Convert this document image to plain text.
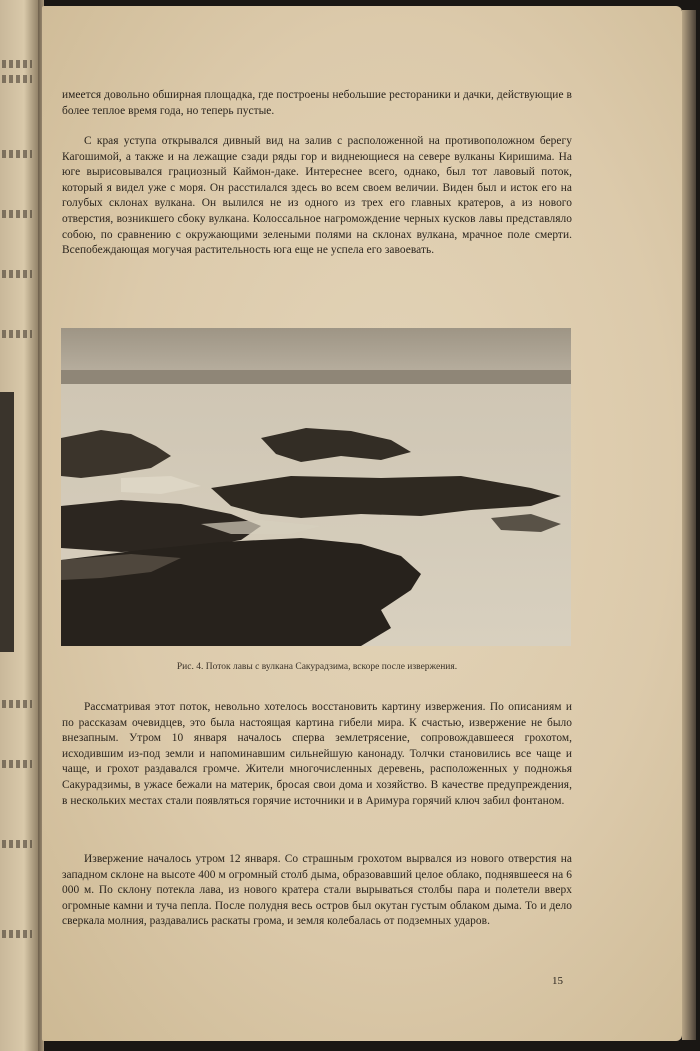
имеется довольно обширная площадка, где построены небольшие рестораники и дачки, действующие в более теплое время года, но теперь пустые.

С края уступа открывался дивный вид на залив с расположенной на противоположном берегу Кагошимой, а также и на лежащие сзади ряды гор и виднеющиеся на севере вулканы Киришима. На юге вырисовывался грациозный Каймон-даке. Интереснее всего, однако, был тот лавовый поток, который я видел уже с моря. Он расстилался здесь во всем своем величии. Виден был и исток его на голубых склонах вулкана. Он вылился не из одного из трех его главных кратеров, а из нового отверстия, возникшего сбоку вулкана. Колоссальное нагромождение черных кусков лавы представляло собою, по сравнению с окружающими зелеными полями на склонах вулкана, мрачное поле смерти. Всепобеждающая могучая растительность юга еще не успела его завоевать.

Рис. 4. Поток лавы с вулкана Сакурадзима, вскоре после извержения.

Рассматривая этот поток, невольно хотелось восстановить картину извержения. По описаниям и по рассказам очевидцев, это была настоящая картина гибели мира. К счастью, извержение не было внезапным. Утром 10 января началось сперва землетрясение, сопровождавшееся грохотом, исходившим из-под земли и напоминавшим сильнейшую канонаду. Толчки становились все чаще и чаще, и грохот раздавался громче. Жители многочисленных деревень, расположенных у подножья Сакурадзимы, в ужасе бежали на материк, бросая свои дома и хозяйство. В качестве предупреждения, в нескольких местах стали появляться горячие источники и в Аримура горячий ключ забил фонтаном.

Извержение началось утром 12 января. Со страшным грохотом вырвался из нового отверстия на западном склоне на высоте 400 м огромный столб дыма, образовавший целое облако, поднявшееся на 6 000 м. По склону потекла лава, из нового кратера стали вырываться столбы пара и полетели вверх огромные камни и туча пепла. После полудня весь остров был окутан густым облаком дыма. То и дело сверкала молния, раздавались раскаты грома, и земля колебалась от подземных ударов.

15
